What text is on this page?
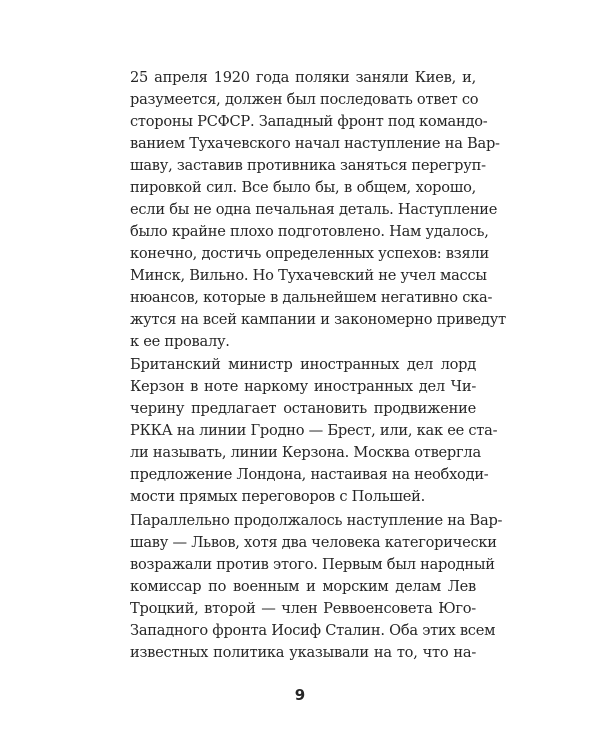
25 апреля 1920 года поляки заняли Киев, и,

разумеется, должен был последовать ответ со

стороны РСФСР. Западный фронт под командо-

ванием Тухачевского начал наступление на Вар-

шаву, заставив противника заняться перегруп-

пировкой сил. Все было бы, в общем, хорошо,

если бы не одна печальная деталь. Наступление

было крайне плохо подготовлено. Нам удалось,

конечно, достичь определенных успехов: взяли

Минск, Вильно. Но Тухачевский не учел массы

нюансов, которые в дальнейшем негативно ска-

жутся на всей кампании и закономерно приведут

к ее провалу.

Британский министр иностранных дел лорд

Керзон в ноте наркому иностранных дел Чи-

черину предлагает остановить продвижение

РККА на линии Гродно — Брест, или, как ее ста-

ли называть, линии Керзона. Москва отвергла

предложение Лондона, настаивая на необходи-

мости прямых переговоров с Польшей.

Параллельно продолжалось наступление на Вар-

шаву — Львов, хотя два человека категорически

возражали против этого. Первым был народный

комиссар по военным и морским делам Лев

Троцкий, второй — член Реввоенсовета Юго-

Западного фронта Иосиф Сталин. Оба этих всем

известных политика указывали на то, что на-

9
